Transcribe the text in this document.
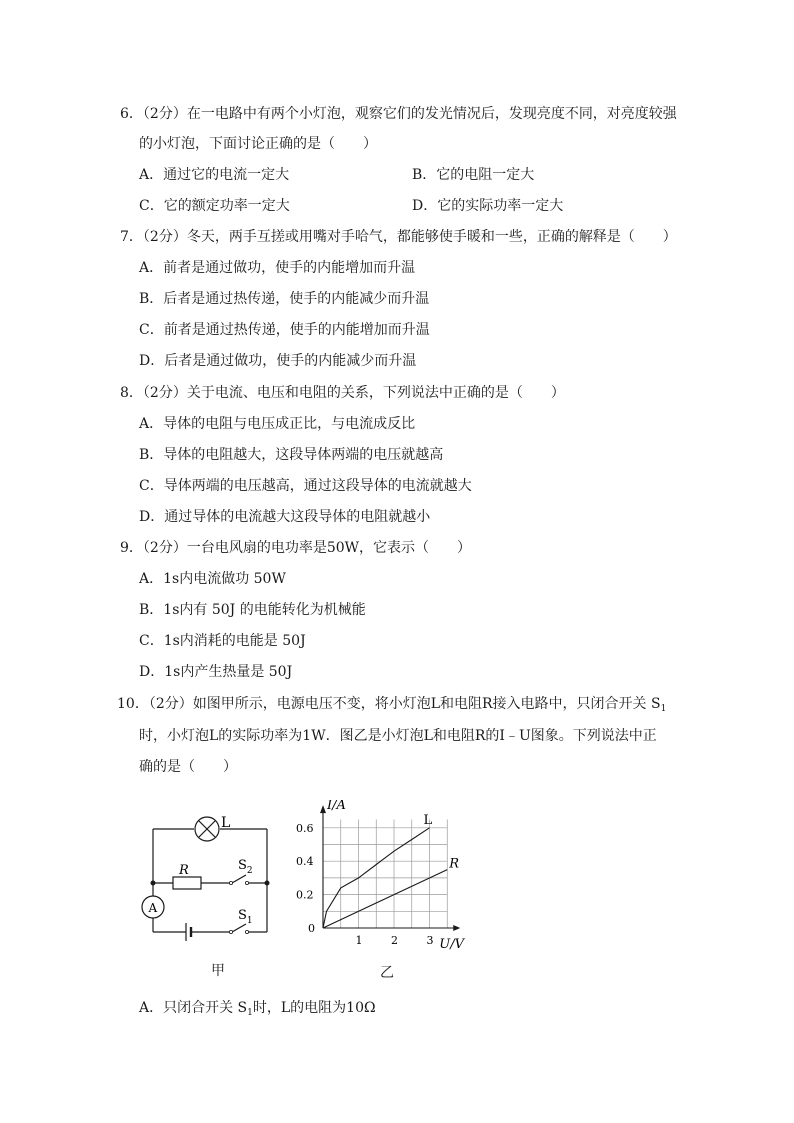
6．（2分）在一电路中有两个小灯泡，观察它们的发光情况后，发现亮度不同，对亮度较强
的小灯泡，下面讨论正确的是（　　）
A．通过它的电流一定大	B．它的电阻一定大
C．它的额定功率一定大	D．它的实际功率一定大
7．（2分）冬天，两手互搓或用嘴对手哈气，都能够使手暖和一些，正确的解释是（　　）
A．前者是通过做功，使手的内能增加而升温
B．后者是通过热传递，使手的内能减少而升温
C．前者是通过热传递，使手的内能增加而升温
D．后者是通过做功，使手的内能减少而升温
8．（2分）关于电流、电压和电阻的关系，下列说法中正确的是（　　）
A．导体的电阻与电压成正比，与电流成反比
B．导体的电阻越大，这段导体两端的电压就越高
C．导体两端的电压越高，通过这段导体的电流就越大
D．通过导体的电流越大这段导体的电阻就越小
9．（2分）一台电风扇的电功率是50W，它表示（　　）
A．1s内电流做功 50W
B．1s内有 50J 的电能转化为机械能
C．1s内消耗的电能是 50J
D．1s内产生热量是 50J
10．（2分）如图甲所示，电源电压不变，将小灯泡L和电阻R接入电路中，只闭合开关 $S_1$
时，小灯泡L的实际功率为1W．图乙是小灯泡L和电阻R的I﹣U图象。下列说法中正
确的是（　　）
L
R	$S_2$
$S_1$
A
甲
1	2	3
0.2
0.4
0.6
0
I/A
U/V
L
R
乙
A．只闭合开关 $S_1$时，L的电阻为10Ω
